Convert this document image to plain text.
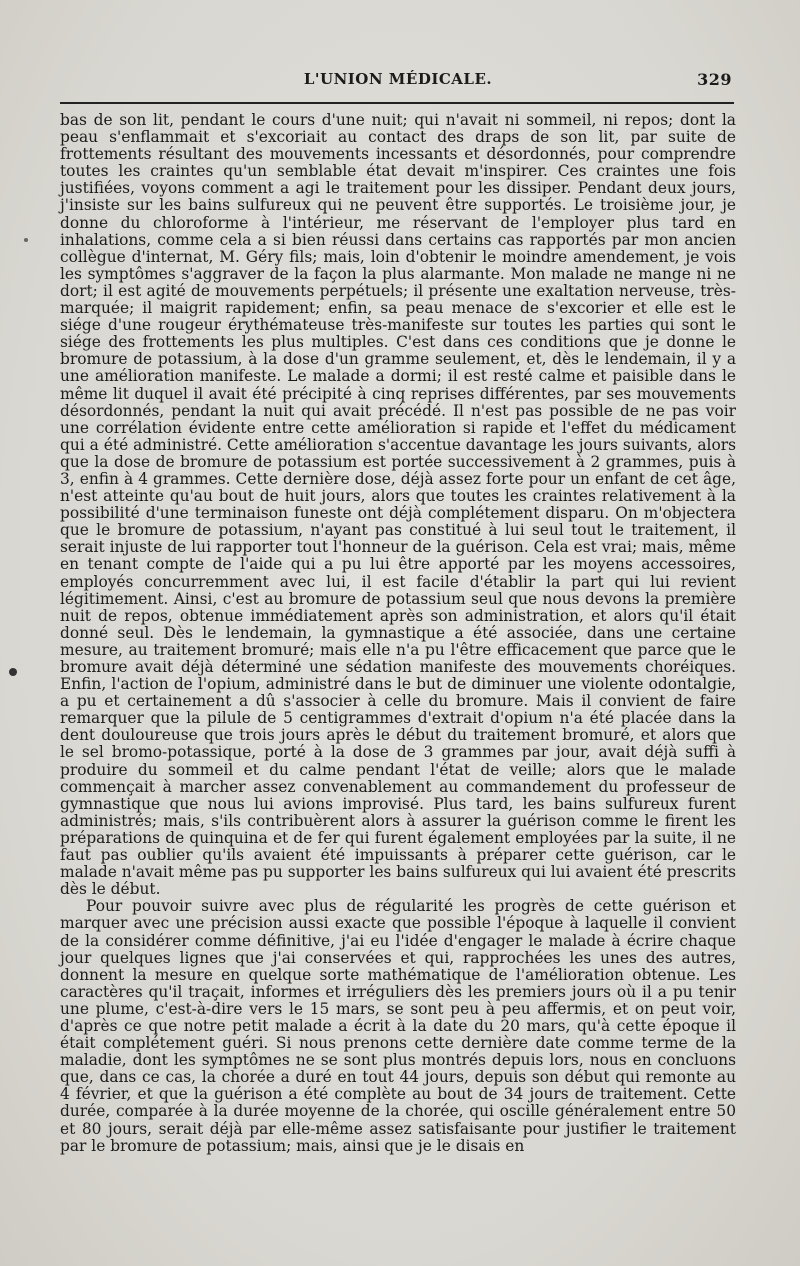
L'UNION MÉDICALE.	329

bas de son lit, pendant le cours d'une nuit; qui n'avait ni sommeil, ni repos; dont la peau s'enflammait et s'excoriait au contact des draps de son lit, par suite de frottements résultant des mouvements incessants et désordonnés, pour comprendre toutes les craintes qu'un semblable état devait m'inspirer. Ces craintes une fois justifiées, voyons comment a agi le traitement pour les dissiper. Pendant deux jours, j'insiste sur les bains sulfureux qui ne peuvent être supportés. Le troisième jour, je donne du chloroforme à l'intérieur, me réservant de l'employer plus tard en inhalations, comme cela a si bien réussi dans certains cas rapportés par mon ancien collègue d'internat, M. Géry fils; mais, loin d'obtenir le moindre amendement, je vois les symptômes s'aggraver de la façon la plus alarmante. Mon malade ne mange ni ne dort; il est agité de mouvements perpétuels; il présente une exaltation nerveuse, très-marquée; il maigrit rapidement; enfin, sa peau menace de s'excorier et elle est le siége d'une rougeur érythémateuse très-manifeste sur toutes les parties qui sont le siége des frottements les plus multiples. C'est dans ces conditions que je donne le bromure de potassium, à la dose d'un gramme seulement, et, dès le lendemain, il y a une amélioration manifeste. Le malade a dormi; il est resté calme et paisible dans le même lit duquel il avait été précipité à cinq reprises différentes, par ses mouvements désordonnés, pendant la nuit qui avait précédé. Il n'est pas possible de ne pas voir une corrélation évidente entre cette amélioration si rapide et l'effet du médicament qui a été administré. Cette amélioration s'accentue davantage les jours suivants, alors que la dose de bromure de potassium est portée successivement à 2 grammes, puis à 3, enfin à 4 grammes. Cette dernière dose, déjà assez forte pour un enfant de cet âge, n'est atteinte qu'au bout de huit jours, alors que toutes les craintes relativement à la possibilité d'une terminaison funeste ont déjà complétement disparu. On m'objectera que le bromure de potassium, n'ayant pas constitué à lui seul tout le traitement, il serait injuste de lui rapporter tout l'honneur de la guérison. Cela est vrai; mais, même en tenant compte de l'aide qui a pu lui être apporté par les moyens accessoires, employés concurremment avec lui, il est facile d'établir la part qui lui revient légitimement. Ainsi, c'est au bromure de potassium seul que nous devons la première nuit de repos, obtenue immédiatement après son administration, et alors qu'il était donné seul. Dès le lendemain, la gymnastique a été associée, dans une certaine mesure, au traitement bromuré; mais elle n'a pu l'être efficacement que parce que le bromure avait déjà déterminé une sédation manifeste des mouvements choréiques. Enfin, l'action de l'opium, administré dans le but de diminuer une violente odontalgie, a pu et certainement a dû s'associer à celle du bromure. Mais il convient de faire remarquer que la pilule de 5 centigrammes d'extrait d'opium n'a été placée dans la dent douloureuse que trois jours après le début du traitement bromuré, et alors que le sel bromo-potassique, porté à la dose de 3 grammes par jour, avait déjà suffi à produire du sommeil et du calme pendant l'état de veille; alors que le malade commençait à marcher assez convenablement au commandement du professeur de gymnastique que nous lui avions improvisé. Plus tard, les bains sulfureux furent administrés; mais, s'ils contribuèrent alors à assurer la guérison comme le firent les préparations de quinquina et de fer qui furent également employées par la suite, il ne faut pas oublier qu'ils avaient été impuissants à préparer cette guérison, car le malade n'avait même pas pu supporter les bains sulfureux qui lui avaient été prescrits dès le début.

Pour pouvoir suivre avec plus de régularité les progrès de cette guérison et marquer avec une précision aussi exacte que possible l'époque à laquelle il convient de la considérer comme définitive, j'ai eu l'idée d'engager le malade à écrire chaque jour quelques lignes que j'ai conservées et qui, rapprochées les unes des autres, donnent la mesure en quelque sorte mathématique de l'amélioration obtenue. Les caractères qu'il traçait, informes et irréguliers dès les premiers jours où il a pu tenir une plume, c'est-à-dire vers le 15 mars, se sont peu à peu affermis, et on peut voir, d'après ce que notre petit malade a écrit à la date du 20 mars, qu'à cette époque il était complétement guéri. Si nous prenons cette dernière date comme terme de la maladie, dont les symptômes ne se sont plus montrés depuis lors, nous en concluons que, dans ce cas, la chorée a duré en tout 44 jours, depuis son début qui remonte au 4 février, et que la guérison a été complète au bout de 34 jours de traitement. Cette durée, comparée à la durée moyenne de la chorée, qui oscille généralement entre 50 et 80 jours, serait déjà par elle-même assez satisfaisante pour justifier le traitement par le bromure de potassium; mais, ainsi que je le disais en
